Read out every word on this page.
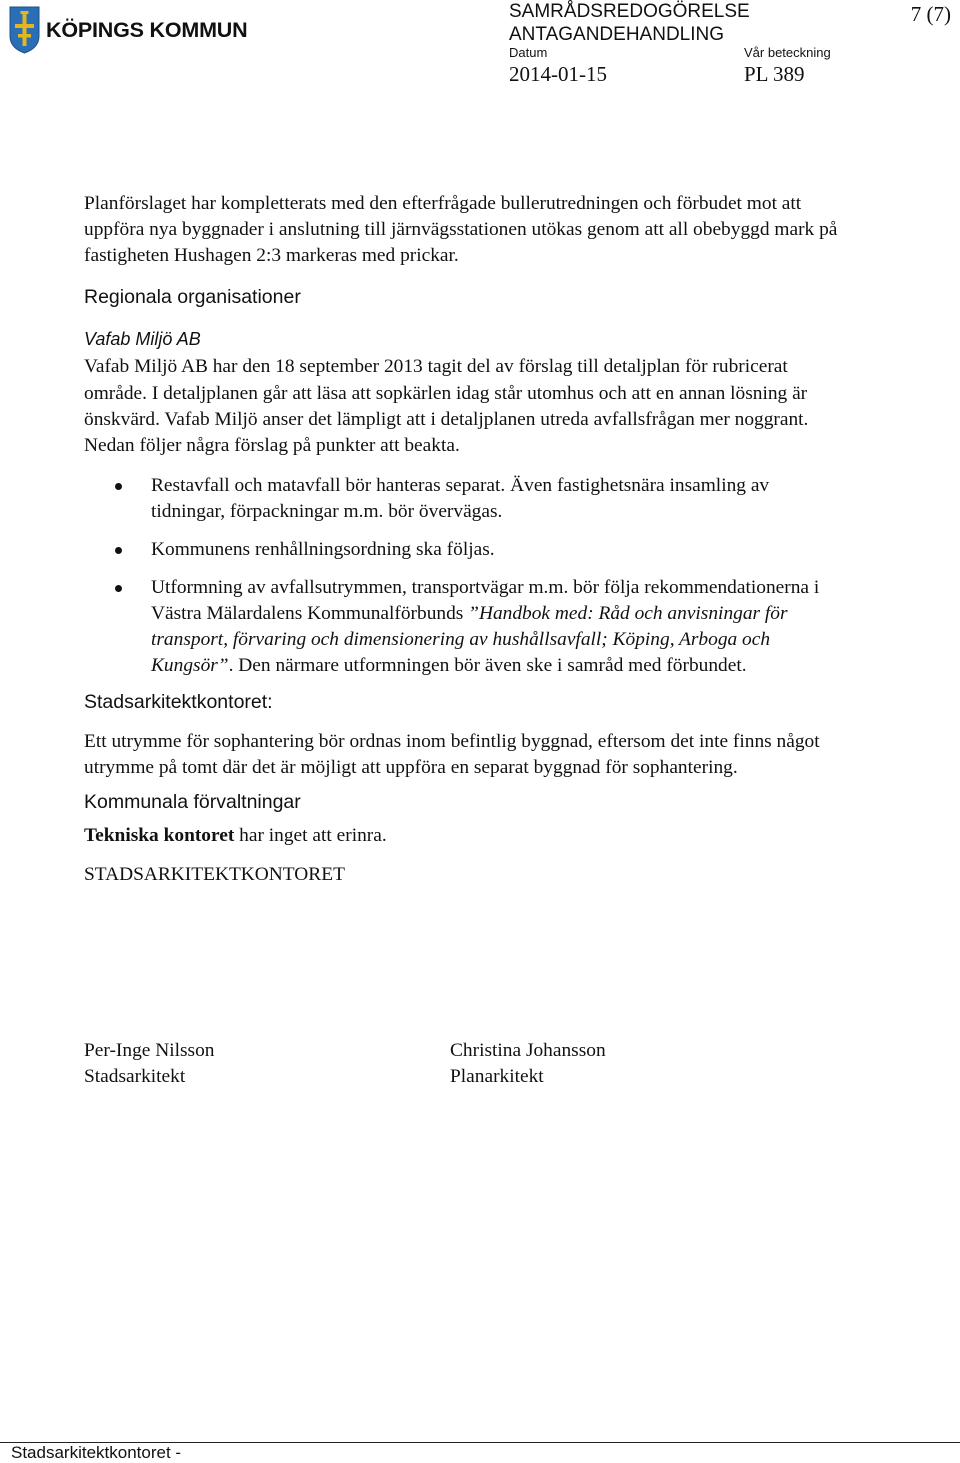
KÖPINGS KOMMUN
SAMRÅDSREDOGÖRELSE
ANTAGANDEHANDLING
7 (7)
Datum	Vår beteckning
2014-01-15	PL 389

Planförslaget har kompletterats med den efterfrågade bullerutredningen och förbudet mot att uppföra nya byggnader i anslutning till järnvägsstationen utökas genom att all obebyggd mark på fastigheten Hushagen 2:3 markeras med prickar.

Regionala organisationer
Vafab Miljö AB

Vafab Miljö AB har den 18 september 2013 tagit del av förslag till detaljplan för rubricerat område. I detaljplanen går att läsa att sopkärlen idag står utomhus och att en annan lösning är önskvärd. Vafab Miljö anser det lämpligt att i detaljplanen utreda avfallsfrågan mer noggrant. Nedan följer några förslag på punkter att beakta.

Restavfall och matavfall bör hanteras separat. Även fastighetsnära insamling av tidningar, förpackningar m.m. bör övervägas.
Kommunens renhållningsordning ska följas.
Utformning av avfallsutrymmen, transportvägar m.m. bör följa rekommendationerna i Västra Mälardalens Kommunalförbunds ”Handbok med: Råd och anvisningar för transport, förvaring och dimensionering av hushållsavfall; Köping, Arboga och Kungsör”. Den närmare utformningen bör även ske i samråd med förbundet.
Stadsarkitektkontoret:

Ett utrymme för sophantering bör ordnas inom befintlig byggnad, eftersom det inte finns något utrymme på tomt där det är möjligt att uppföra en separat byggnad för sophantering.

Kommunala förvaltningar

Tekniska kontoret har inget att erinra.

STADSARKITEKTKONTORET

Per-Inge Nilsson
Stadsarkitekt
Christina Johansson
Planarkitekt
Stadsarkitektkontoret -
